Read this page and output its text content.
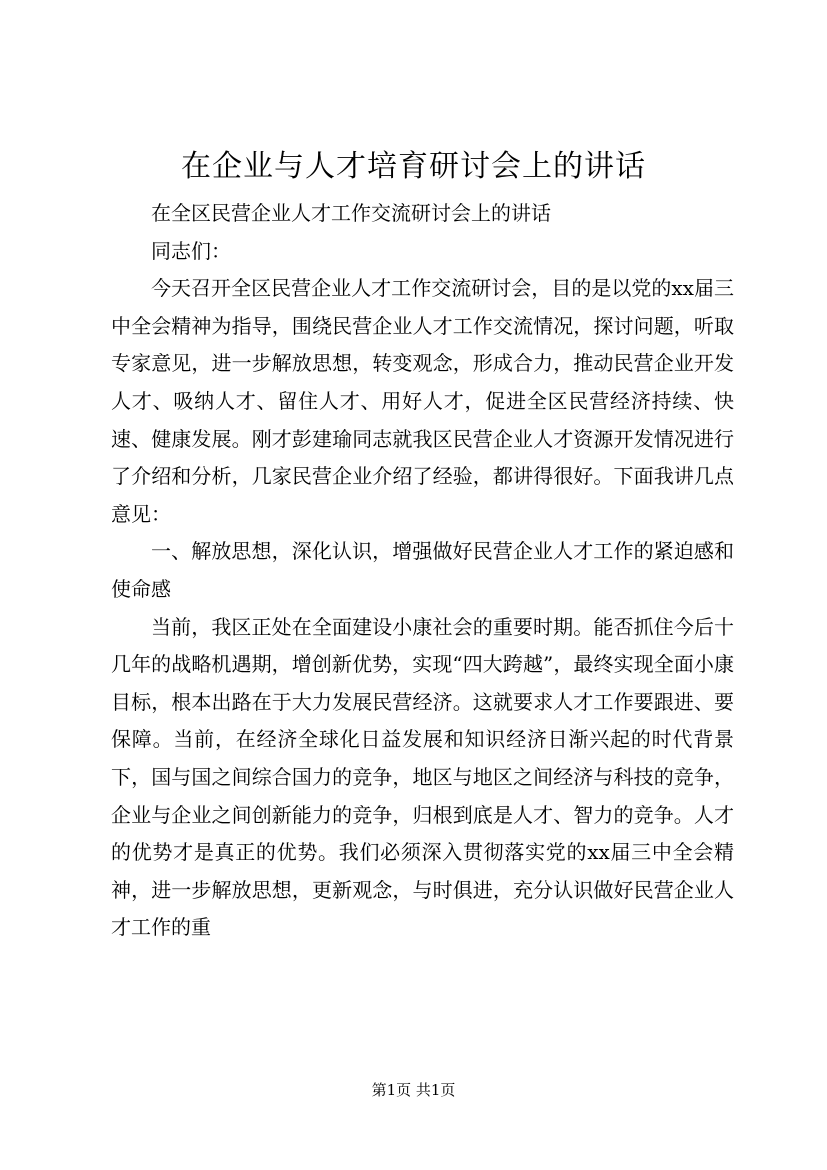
在企业与人才培育研讨会上的讲话

在全区民营企业人才工作交流研讨会上的讲话

同志们：

今天召开全区民营企业人才工作交流研讨会，目的是以党的xx届三中全会精神为指导，围绕民营企业人才工作交流情况，探讨问题，听取专家意见，进一步解放思想，转变观念，形成合力，推动民营企业开发人才、吸纳人才、留住人才、用好人才，促进全区民营经济持续、快速、健康发展。刚才彭建瑜同志就我区民营企业人才资源开发情况进行了介绍和分析，几家民营企业介绍了经验，都讲得很好。下面我讲几点意见：

一、解放思想，深化认识，增强做好民营企业人才工作的紧迫感和使命感

当前，我区正处在全面建设小康社会的重要时期。能否抓住今后十几年的战略机遇期，增创新优势，实现“四大跨越”，最终实现全面小康目标，根本出路在于大力发展民营经济。这就要求人才工作要跟进、要保障。当前，在经济全球化日益发展和知识经济日渐兴起的时代背景下，国与国之间综合国力的竞争，地区与地区之间经济与科技的竞争，企业与企业之间创新能力的竞争，归根到底是人才、智力的竞争。人才的优势才是真正的优势。我们必须深入贯彻落实党的xx届三中全会精神，进一步解放思想，更新观念，与时俱进，充分认识做好民营企业人才工作的重

第1页 共1页
